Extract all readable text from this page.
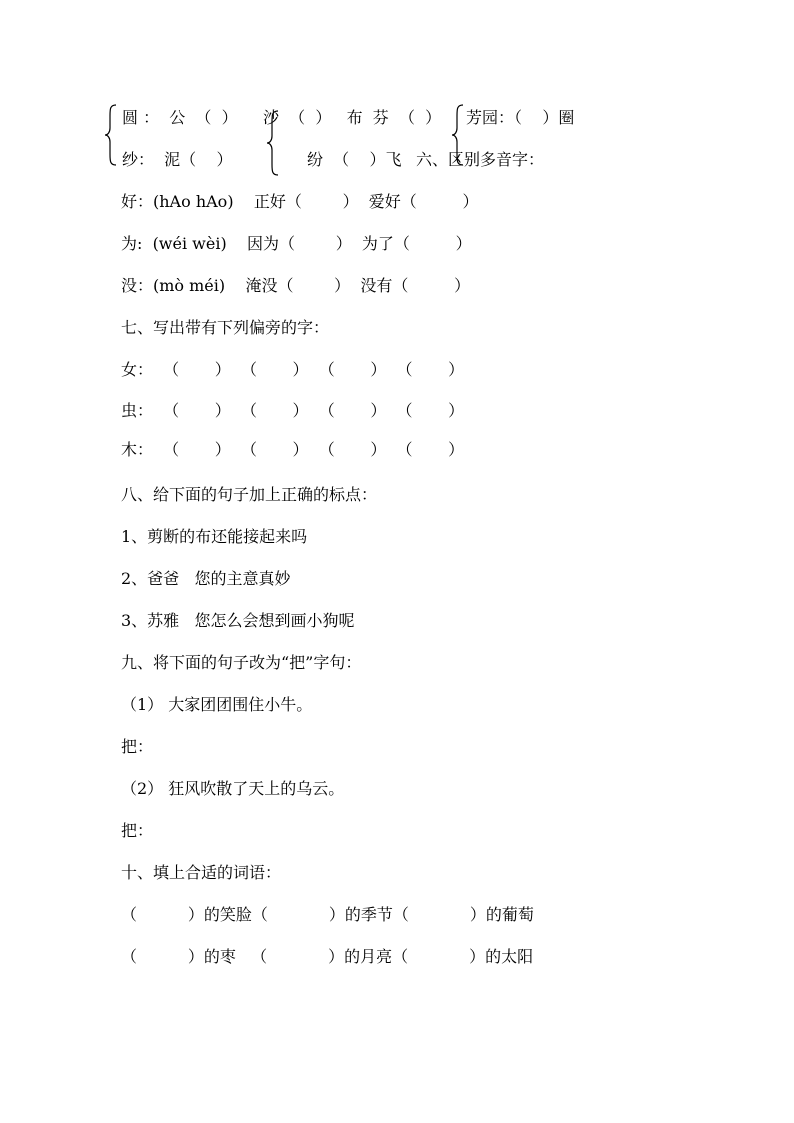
圆 ：  公  （  ） 沙  （  ）   布  芬  （  ） 芳园：（    ）圈
纱：  泥（    ）	纷  （    ）飞 六、区别多音字：
好：(hAo hAo)    正好（        ）  爱好（         ）
为:  (wéi wèi)    因为（        ）  为了（         ）
没：(mò méi)    淹没（        ）  没有（         ）
七、写出带有下列偏旁的字：
女：  （       ）  （       ）  （       ）  （       ）
虫：  （       ）  （       ）  （       ）  （       ）
木：  （       ）  （       ）  （       ）  （       ）
八、给下面的句子加上正确的标点：
1、剪断的布还能接起来吗
2、爸爸   您的主意真妙
3、苏雅   您怎么会想到画小狗呢
九、将下面的句子改为“把”字句：
（1） 大家团团围住小牛。
把：
（2） 狂风吹散了天上的乌云。
把：
十、填上合适的词语：
（          ）的笑脸（            ）的季节（            ）的葡萄
（          ）的枣   （            ）的月亮（            ）的太阳
